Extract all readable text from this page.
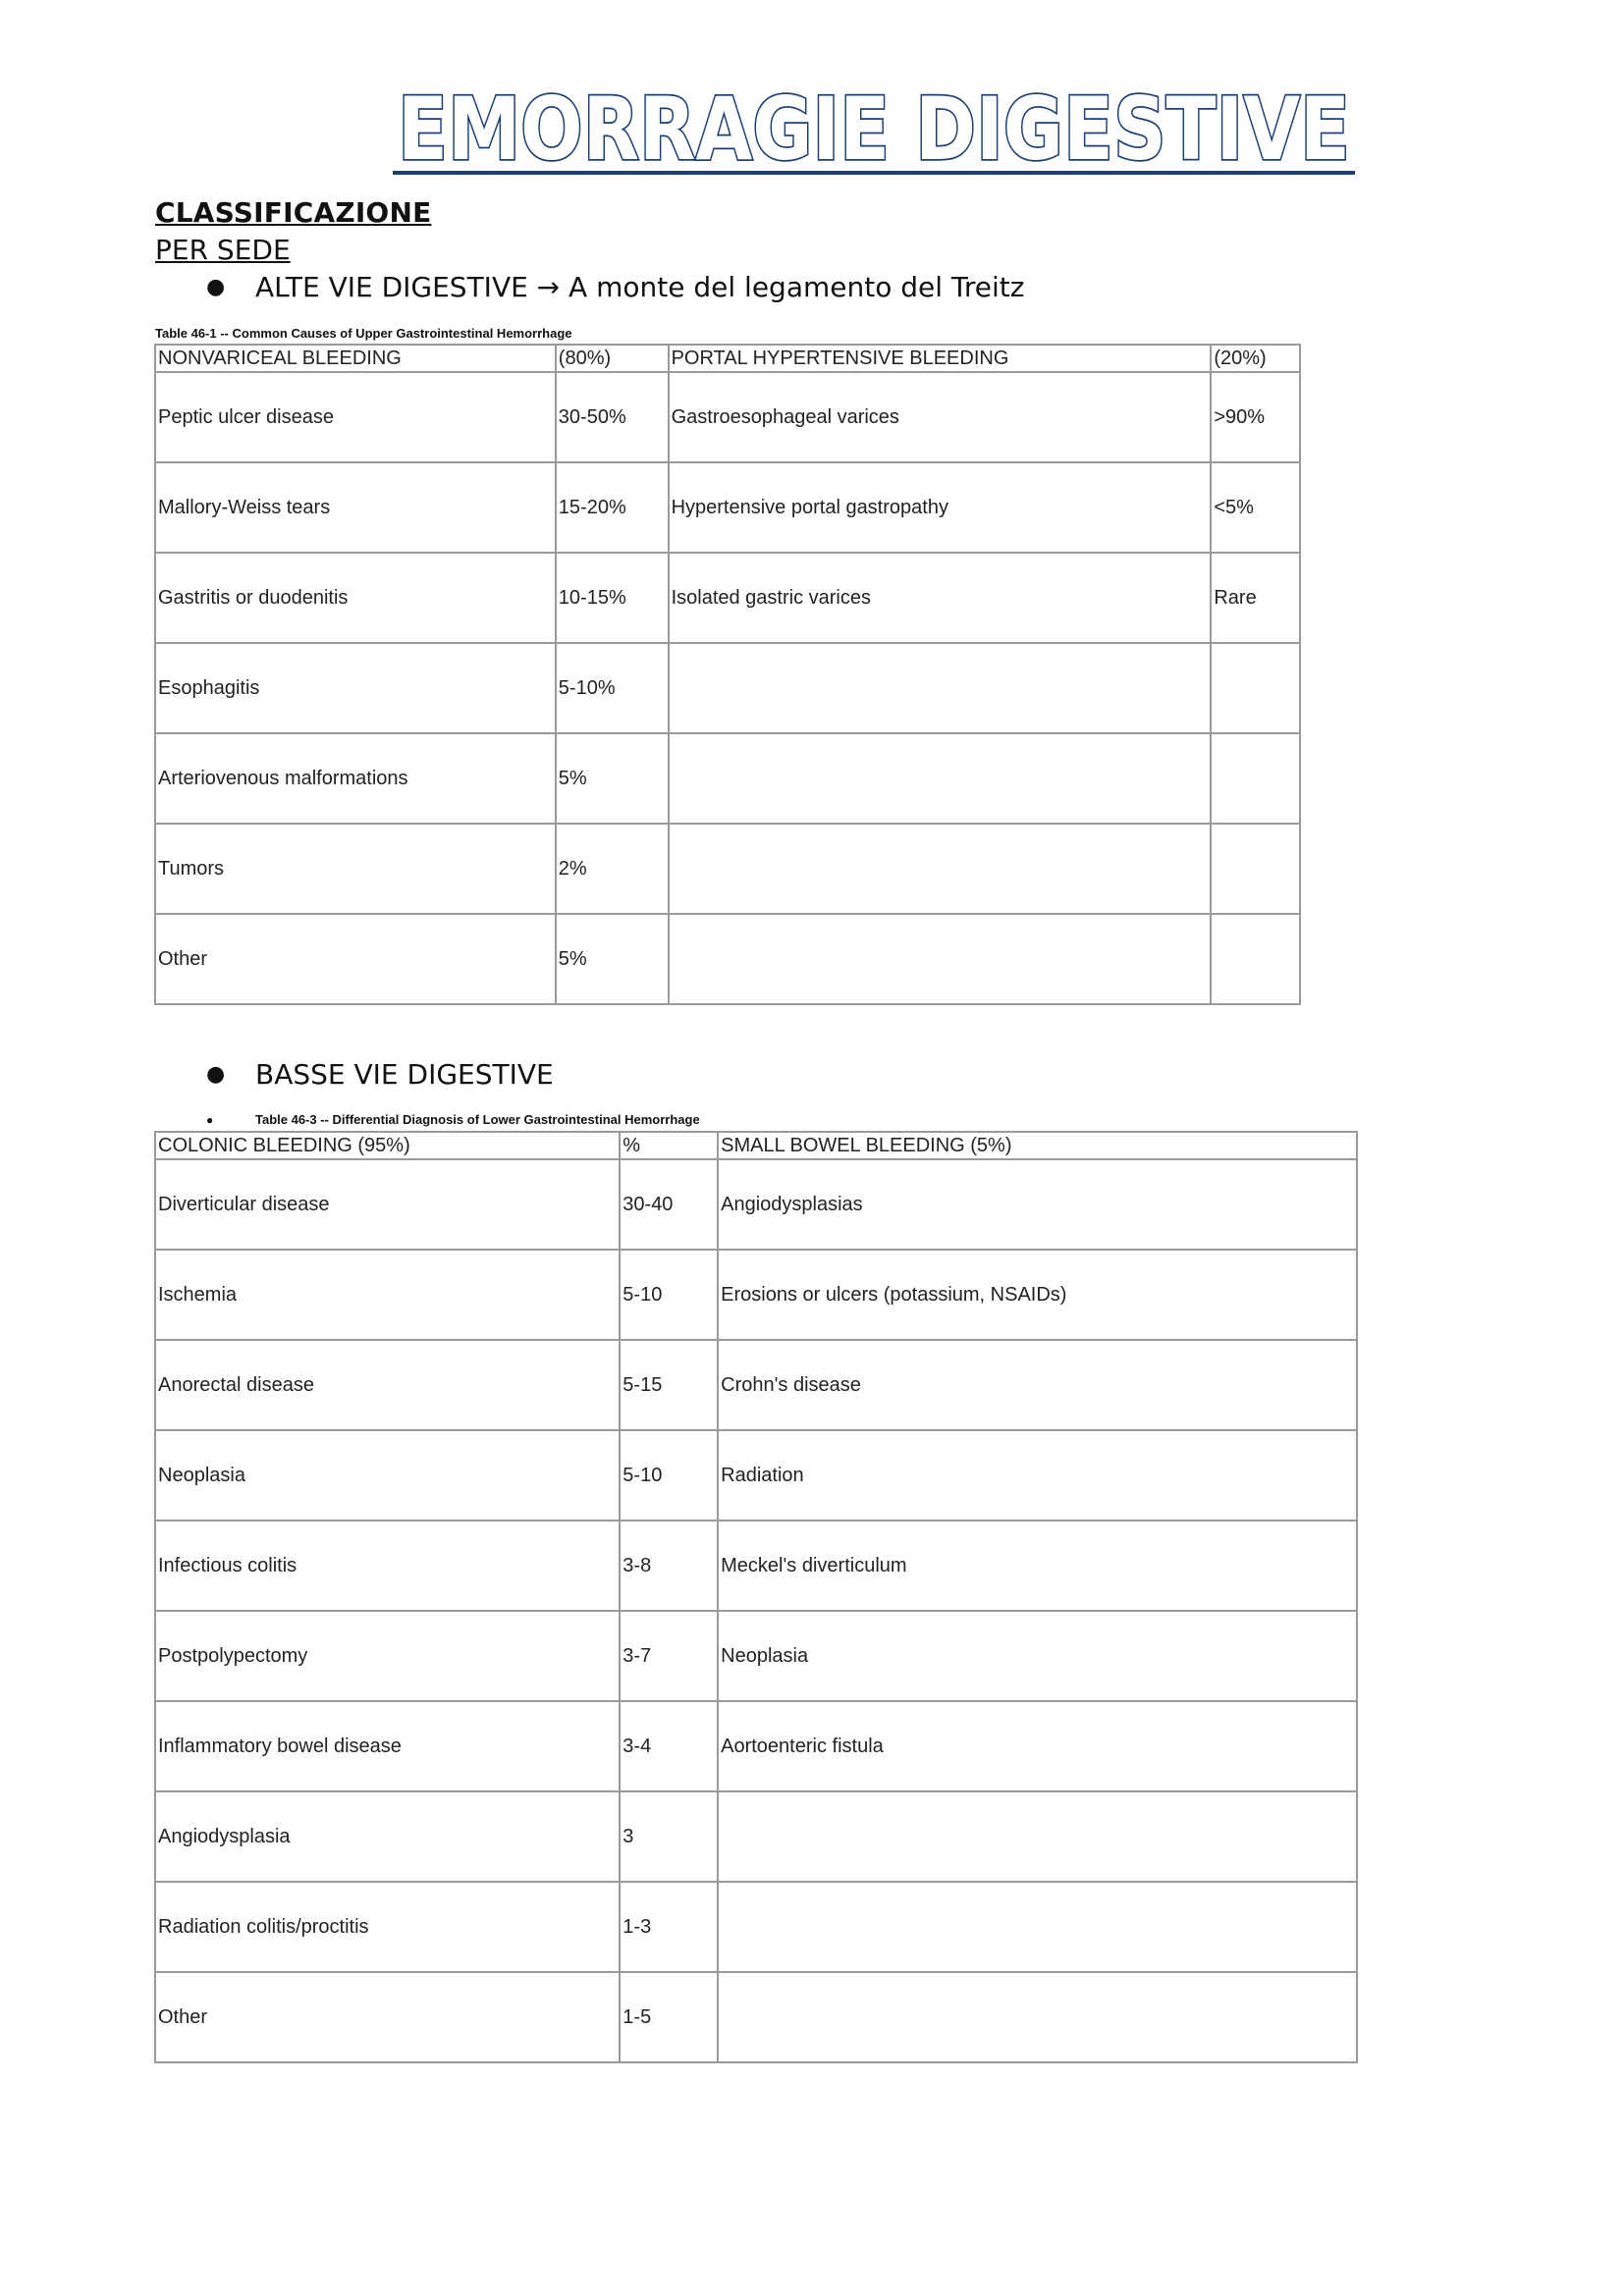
EMORRAGIE DIGESTIVE
CLASSIFICAZIONE
PER SEDE
●	ALTE VIE DIGESTIVE → A monte del legamento del Treitz
Table 46-1 -- Common Causes of Upper Gastrointestinal Hemorrhage
NONVARICEAL BLEEDING	(80%)	PORTAL HYPERTENSIVE BLEEDING	(20%)
Peptic ulcer disease	30-50%	Gastroesophageal varices	>90%
Mallory-Weiss tears	15-20%	Hypertensive portal gastropathy	<5%
Gastritis or duodenitis	10-15%	Isolated gastric varices	Rare
Esophagitis	5-10%		
Arteriovenous malformations	5%		
Tumors	2%		
Other	5%		
●	BASSE VIE DIGESTIVE
●	Table 46-3 -- Differential Diagnosis of Lower Gastrointestinal Hemorrhage
COLONIC BLEEDING (95%)	%	SMALL BOWEL BLEEDING (5%)
Diverticular disease	30-40	Angiodysplasias
Ischemia	5-10	Erosions or ulcers (potassium, NSAIDs)
Anorectal disease	5-15	Crohn's disease
Neoplasia	5-10	Radiation
Infectious colitis	3-8	Meckel's diverticulum
Postpolypectomy	3-7	Neoplasia
Inflammatory bowel disease	3-4	Aortoenteric fistula
Angiodysplasia	3	
Radiation colitis/proctitis	1-3	
Other	1-5	
